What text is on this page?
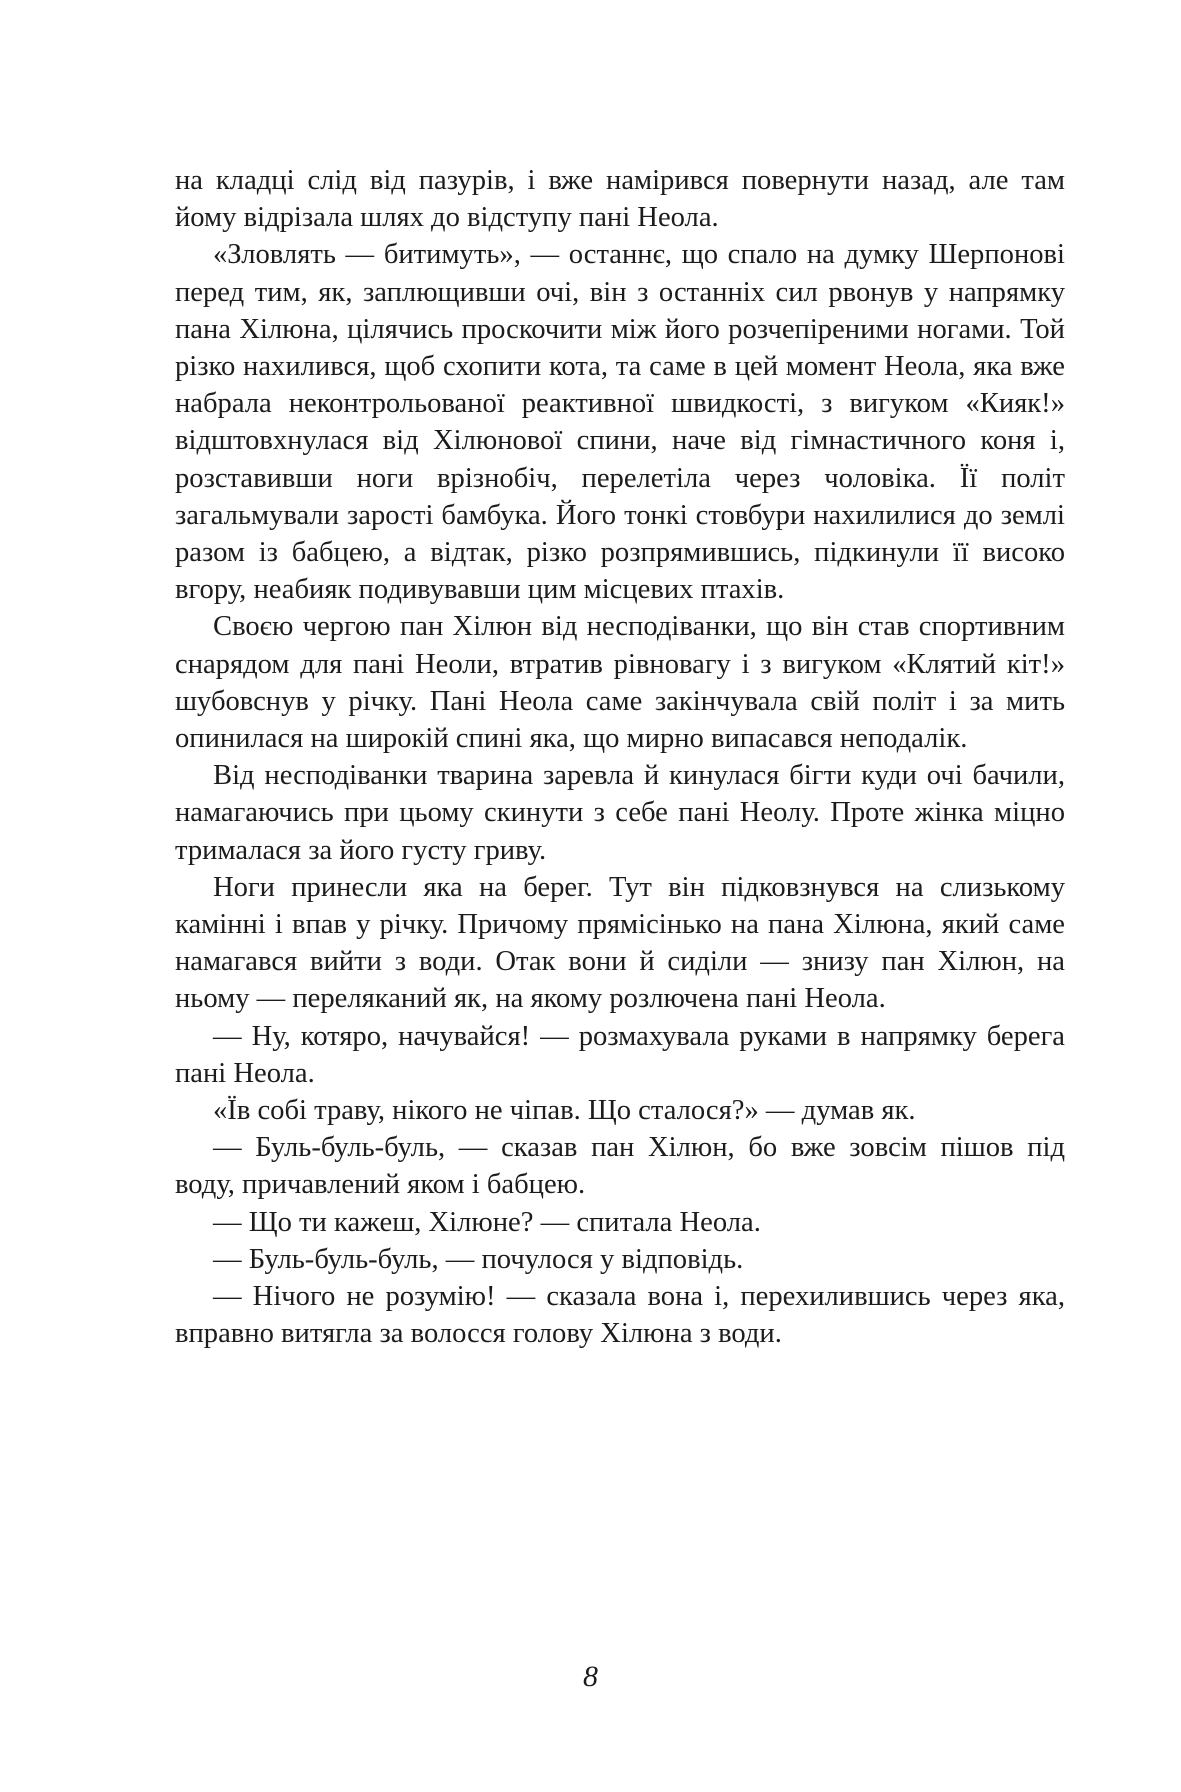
на кладці слід від пазурів, і вже намірився повернути назад, але там йому відрізала шлях до відступу пані Неола.

«Зловлять — битимуть», — останнє, що спало на думку Шерпонові перед тим, як, заплющивши очі, він з останніх сил рвонув у напрямку пана Хілюна, цілячись проскочити між його розчепіреними ногами. Той різко нахилився, щоб схопити кота, та саме в цей момент Неола, яка вже набрала неконтрольованої реактивної швидкості, з вигуком «Кияк!» відштовхнулася від Хілюнової спини, наче від гімнастичного коня і, розставивши ноги врізнобіч, перелетіла через чоловіка. Її політ загальмували зарості бамбука. Його тонкі стовбури нахилилися до землі разом із бабцею, а відтак, різко розпрямившись, підкинули її високо вгору, неабияк подивувавши цим місцевих птахів.

Своєю чергою пан Хілюн від несподіванки, що він став спортивним снарядом для пані Неоли, втратив рівновагу і з вигуком «Клятий кіт!» шубовснув у річку. Пані Неола саме закінчувала свій політ і за мить опинилася на широкій спині яка, що мирно випасався неподалік.

Від несподіванки тварина заревла й кинулася бігти куди очі бачили, намагаючись при цьому скинути з себе пані Неолу. Проте жінка міцно трималася за його густу гриву.

Ноги принесли яка на берег. Тут він підковзнувся на слизькому камінні і впав у річку. Причому прямісінько на пана Хілюна, який саме намагався вийти з води. Отак вони й сиділи — знизу пан Хілюн, на ньому — переляканий як, на якому розлючена пані Неола.

— Ну, котяро, начувайся! — розмахувала руками в напрямку берега пані Неола.

«Їв собі траву, нікого не чіпав. Що сталося?» — думав як.

— Буль-буль-буль, — сказав пан Хілюн, бо вже зовсім пішов під воду, причавлений яком і бабцею.

— Що ти кажеш, Хілюне? — спитала Неола.

— Буль-буль-буль, — почулося у відповідь.

— Нічого не розумію! — сказала вона і, перехилившись через яка, вправно витягла за волосся голову Хілюна з води.

8
